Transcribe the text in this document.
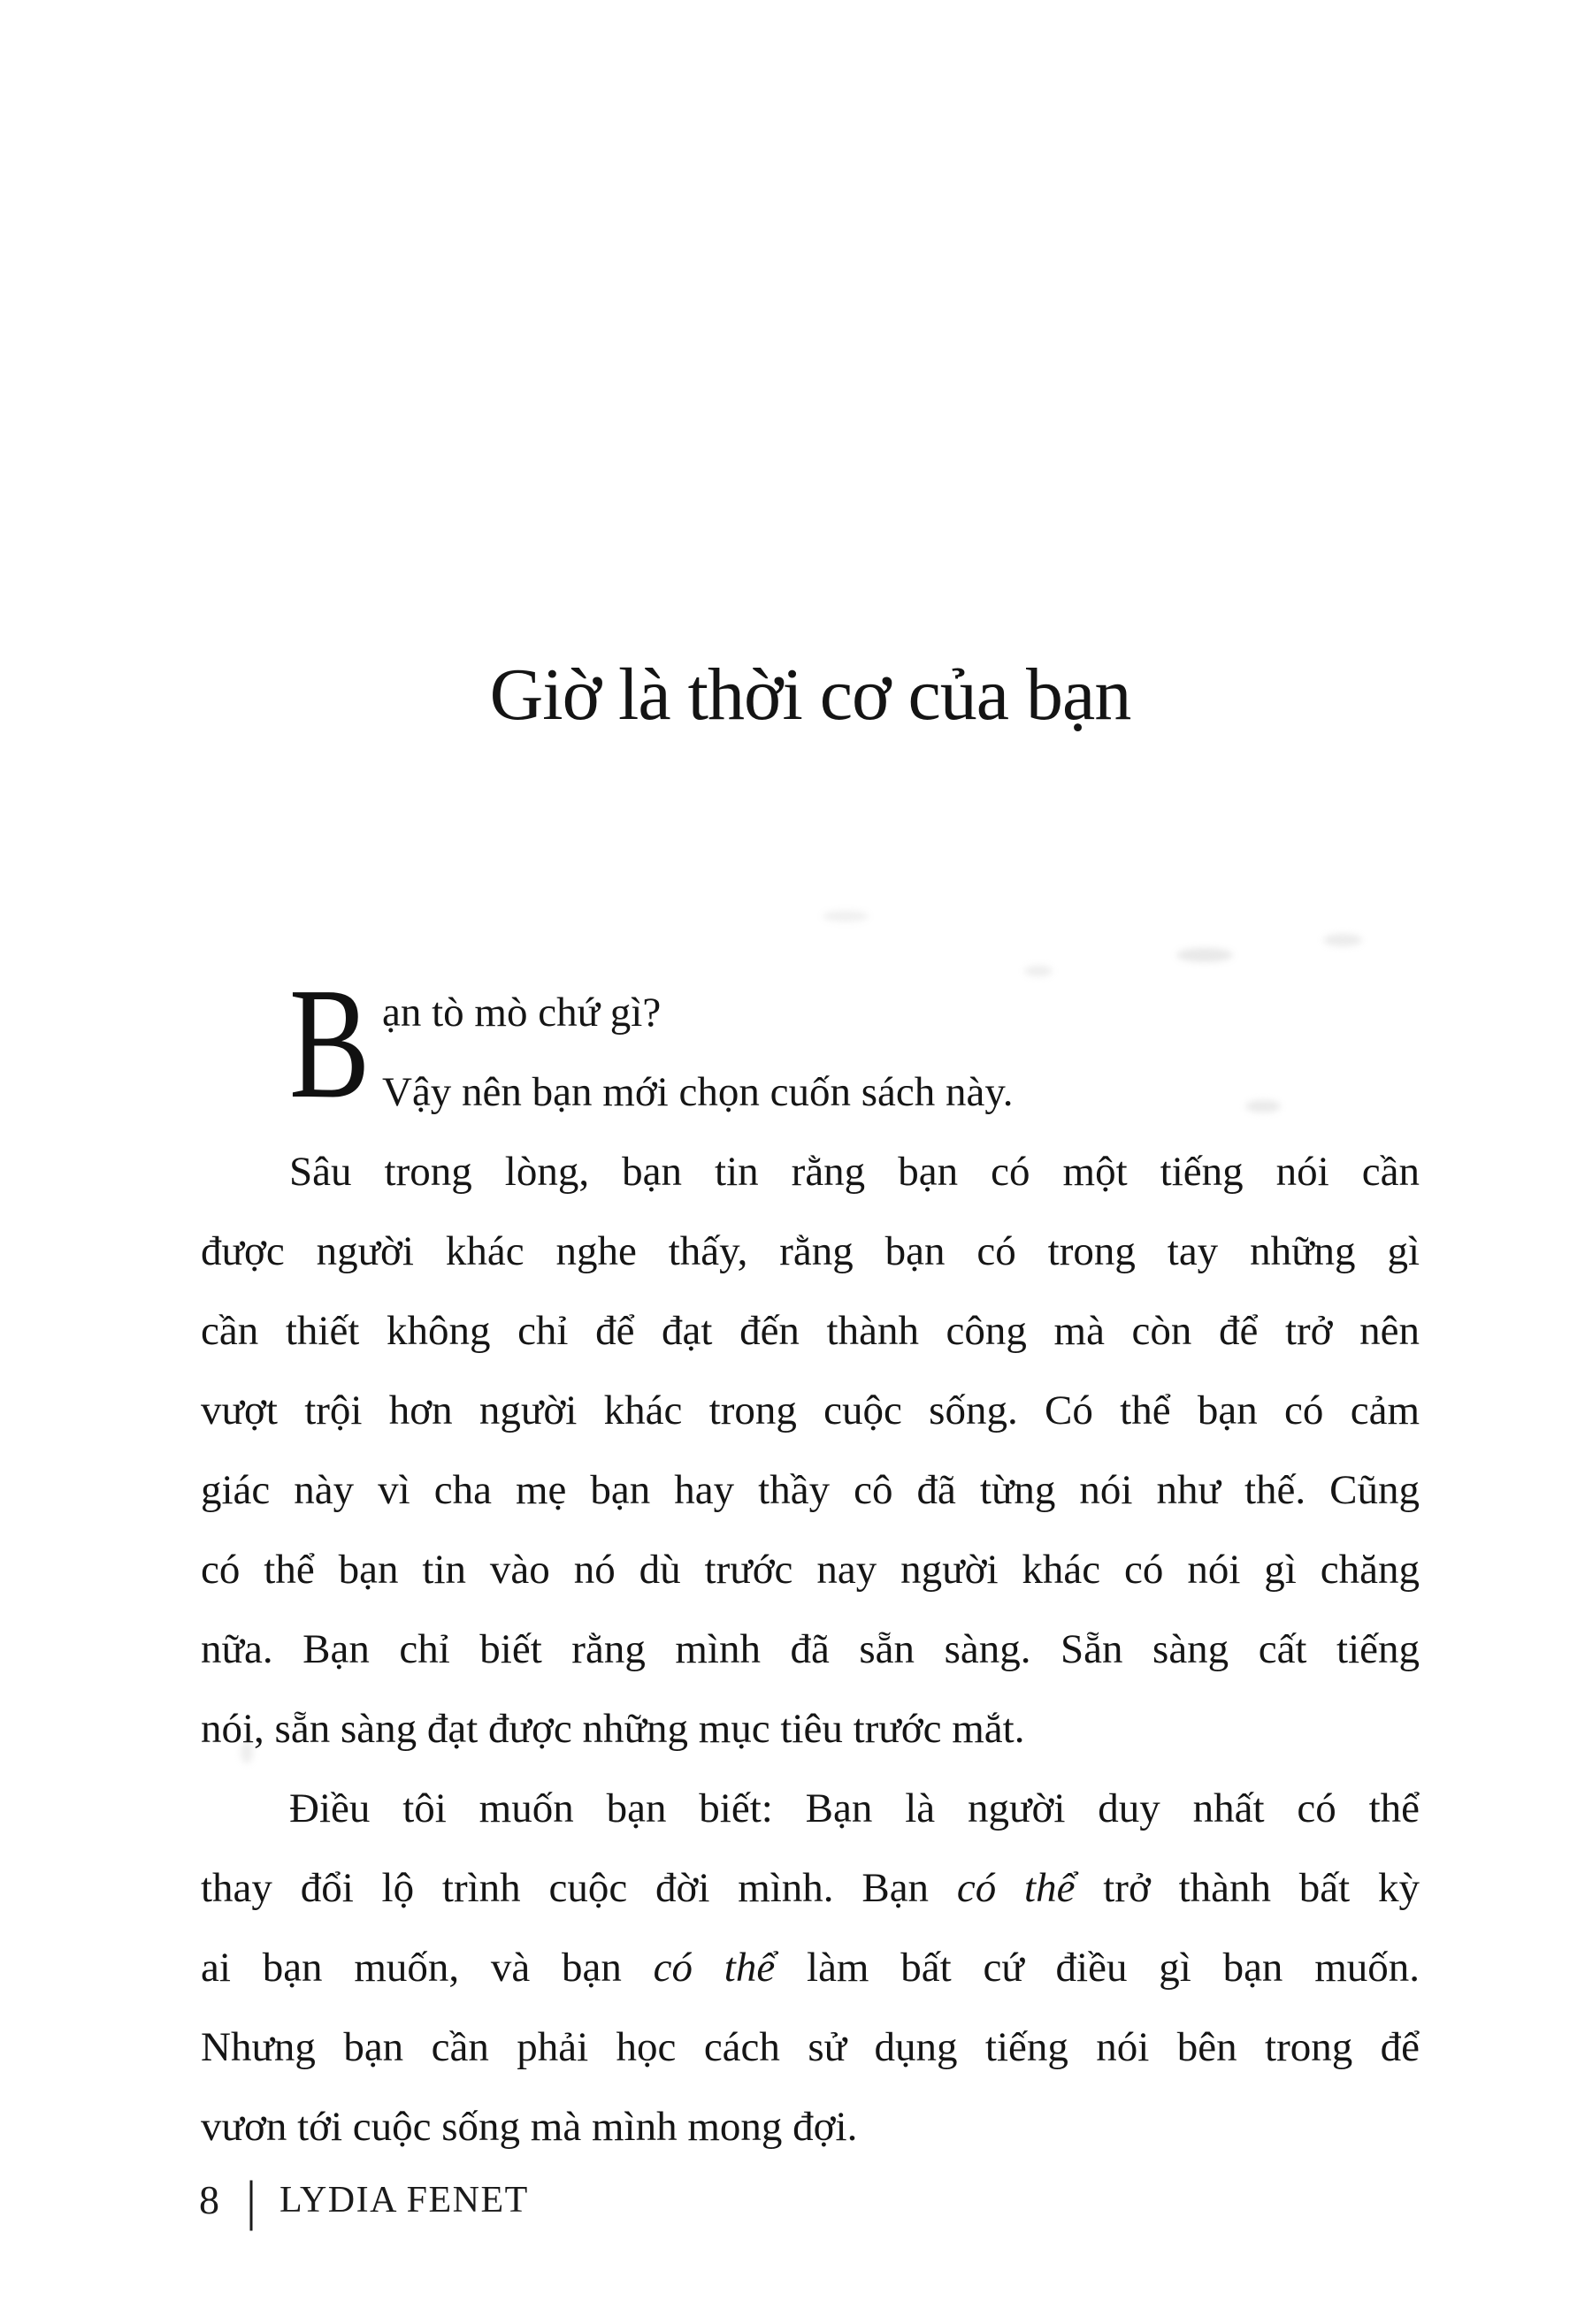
Giờ là thời cơ của bạn
B ạn tò mò chứ gì?
Vậy nên bạn mới chọn cuốn sách này.
Sâu trong lòng, bạn tin rằng bạn có một tiếng nói cần
được người khác nghe thấy, rằng bạn có trong tay những gì
cần thiết không chỉ để đạt đến thành công mà còn để trở nên
vượt trội hơn người khác trong cuộc sống. Có thể bạn có cảm
giác này vì cha mẹ bạn hay thầy cô đã từng nói như thế. Cũng
có thể bạn tin vào nó dù trước nay người khác có nói gì chăng
nữa. Bạn chỉ biết rằng mình đã sẵn sàng. Sẵn sàng cất tiếng
nói, sẵn sàng đạt được những mục tiêu trước mắt.
Điều tôi muốn bạn biết: Bạn là người duy nhất có thể
thay đổi lộ trình cuộc đời mình. Bạn có thể trở thành bất kỳ
ai bạn muốn, và bạn có thể làm bất cứ điều gì bạn muốn.
Nhưng bạn cần phải học cách sử dụng tiếng nói bên trong để
vươn tới cuộc sống mà mình mong đợi.
8 | LYDIA FENET
